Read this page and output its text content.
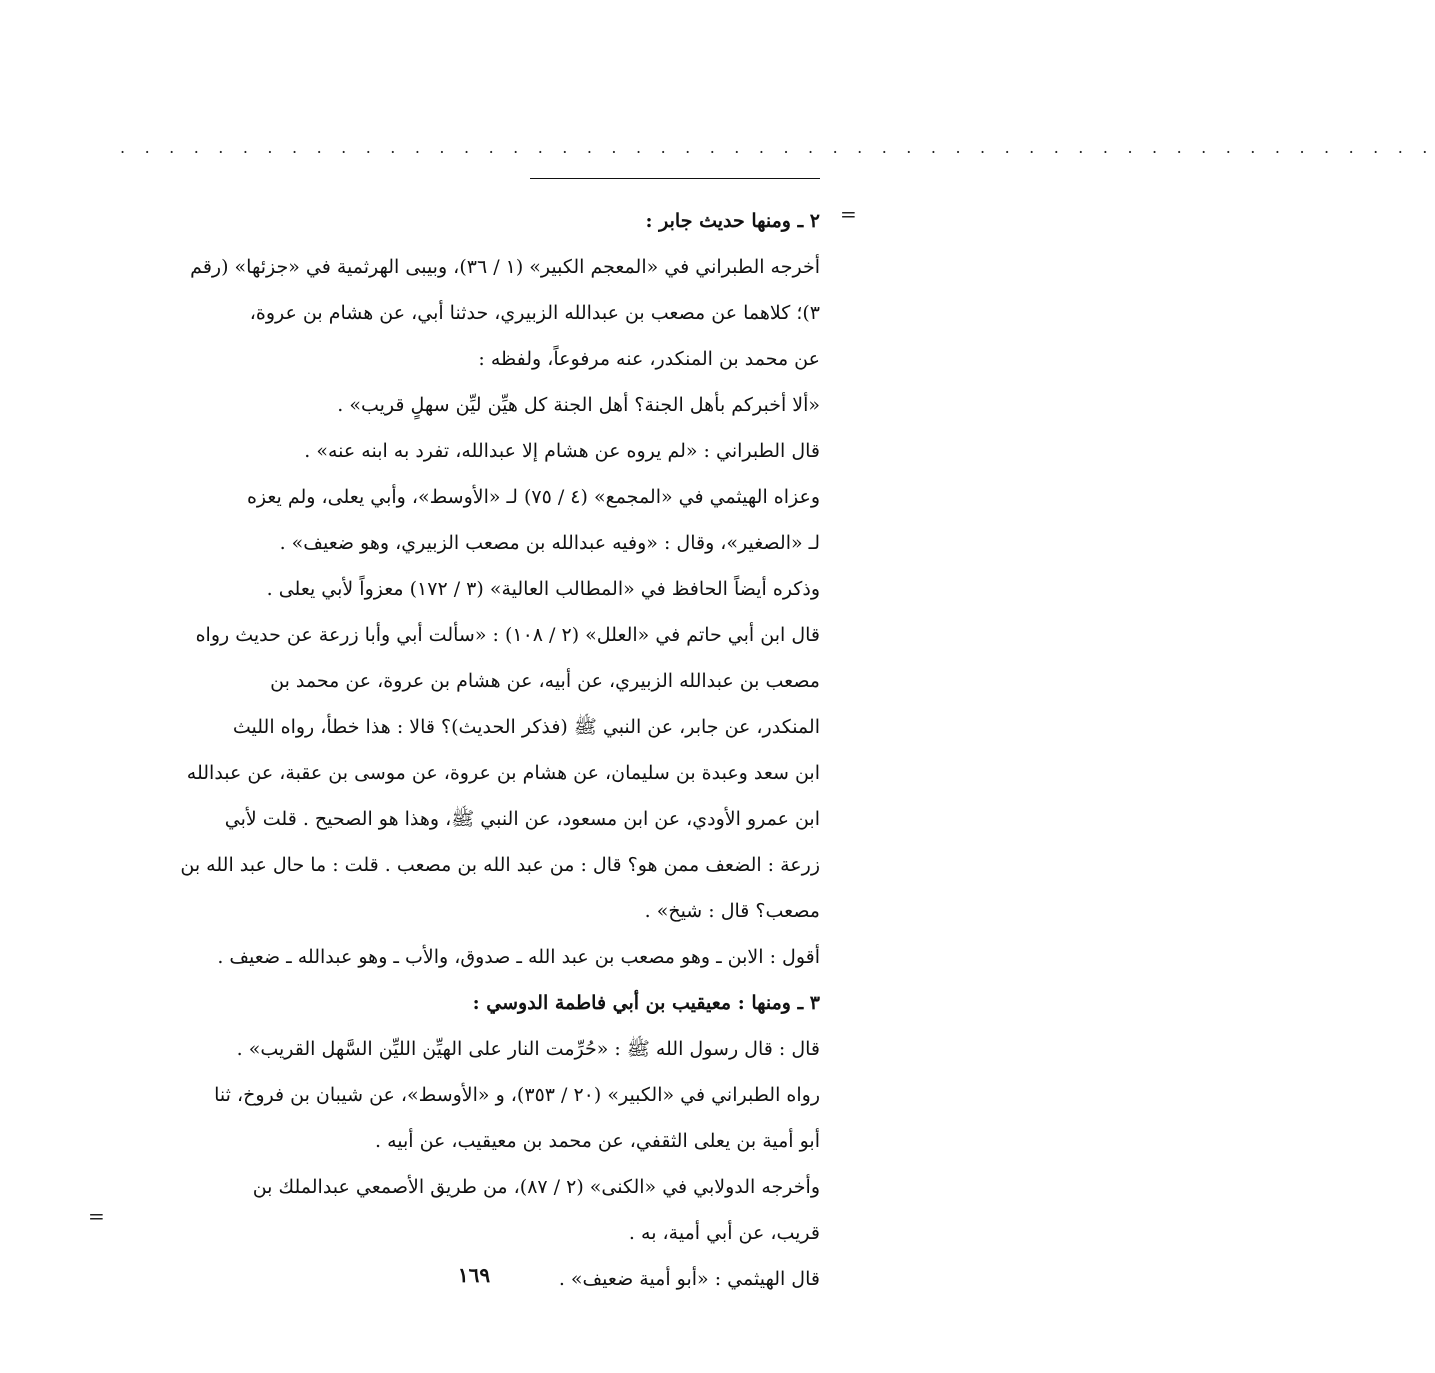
. . . . . . . . . . . . . . . . . . . . . . . . . . . . . . . . . . . . . . . . . . . . . . . . . . . . . .
=
=
٢ ـ ومنها حديث جابر :
أخرجه الطبراني في «المعجم الكبير» (١ / ٣٦)، وبيبى الهرثمية في «جزئها» (رقم
٣)؛ كلاهما عن مصعب بن عبدالله الزبيري، حدثنا أبي، عن هشام بن عروة،
عن محمد بن المنكدر، عنه مرفوعاً، ولفظه :
«ألا أخبركم بأهل الجنة؟ أهل الجنة كل هيِّن ليِّن سهلٍ قريب» .
قال الطبراني : «لم يروه عن هشام إلا عبدالله، تفرد به ابنه عنه» .
وعزاه الهيثمي في «المجمع» (٤ / ٧٥) لـ «الأوسط»، وأبي يعلى، ولم يعزه
لـ «الصغير»، وقال : «وفيه عبدالله بن مصعب الزبيري، وهو ضعيف» .
وذكره أيضاً الحافظ في «المطالب العالية» (٣ / ١٧٢) معزواً لأبي يعلى .
قال ابن أبي حاتم في «العلل» (٢ / ١٠٨) : «سألت أبي وأبا زرعة عن حديث رواه
مصعب بن عبدالله الزبيري، عن أبيه، عن هشام بن عروة، عن محمد بن
المنكدر، عن جابر، عن النبي ﷺ (فذكر الحديث)؟ قالا : هذا خطأ، رواه الليث
ابن سعد وعبدة بن سليمان، عن هشام بن عروة، عن موسى بن عقبة، عن عبدالله
ابن عمرو الأودي، عن ابن مسعود، عن النبي ﷺ، وهذا هو الصحيح . قلت لأبي
زرعة : الضعف ممن هو؟ قال : من عبد الله بن مصعب . قلت : ما حال عبد الله بن
مصعب؟ قال : شيخ» .
أقول : الابن ـ وهو مصعب بن عبد الله ـ صدوق، والأب ـ وهو عبدالله ـ ضعيف .
٣ ـ ومنها : معيقيب بن أبي فاطمة الدوسي :
قال : قال رسول الله ﷺ : «حُرِّمت النار على الهيِّن الليِّن السَّهل القريب» .
رواه الطبراني في «الكبير» (٢٠ / ٣٥٣)، و «الأوسط»، عن شيبان بن فروخ، ثنا
أبو أمية بن يعلى الثقفي، عن محمد بن معيقيب، عن أبيه .
وأخرجه الدولابي في «الكنى» (٢ / ٨٧)، من طريق الأصمعي عبدالملك بن
قريب، عن أبي أمية، به .
قال الهيثمي : «أبو أمية ضعيف» .
١٦٩
